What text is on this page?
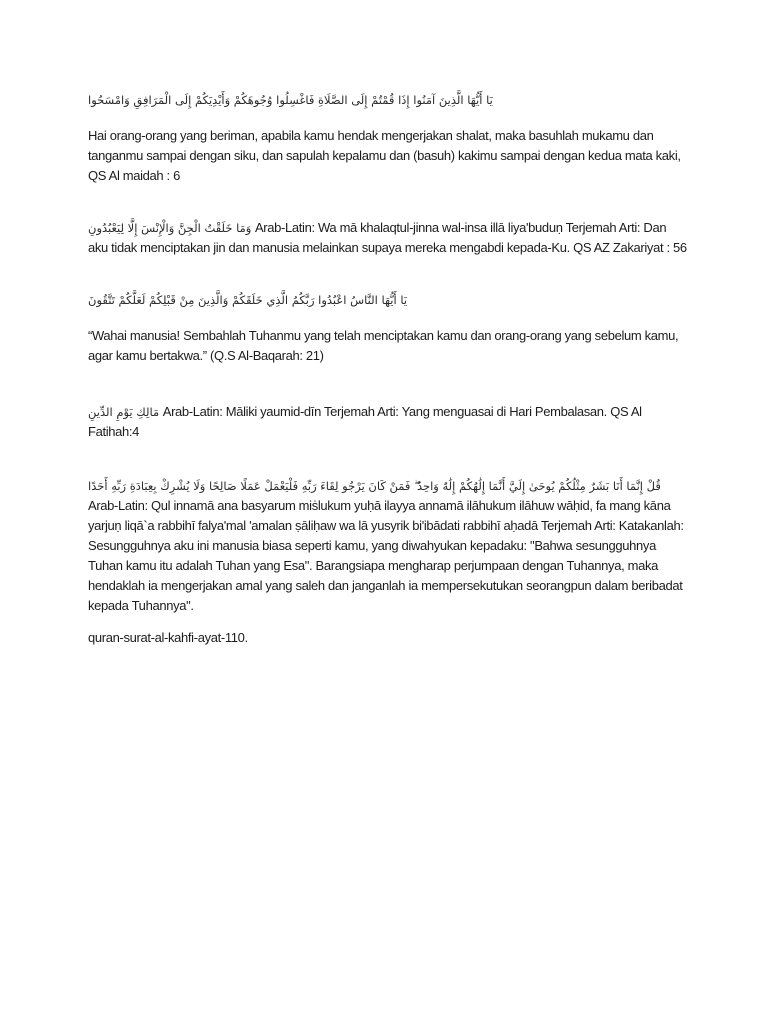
يَا أَيُّهَا الَّذِينَ آمَنُوا إِذَا قُمْتُمْ إِلَى الصَّلَاةِ فَاغْسِلُوا وُجُوهَكُمْ وَأَيْدِيَكُمْ إِلَى الْمَرَافِقِ وَامْسَحُوا

Hai orang-orang yang beriman, apabila kamu hendak mengerjakan shalat, maka basuhlah mukamu dan tanganmu sampai dengan siku, dan sapulah kepalamu dan (basuh) kakimu sampai dengan kedua mata kaki, QS Al maidah : 6

وَمَا خَلَقْتُ الْجِنَّ وَالْإِنْسَ إِلَّا لِيَعْبُدُونِ Arab-Latin: Wa mā khalaqtul-jinna wal-insa illā liya'buduṇ Terjemah Arti: Dan aku tidak menciptakan jin dan manusia melainkan supaya mereka mengabdi kepada-Ku. QS AZ Zakariyat : 56

يَا أَيُّهَا النَّاسُ اعْبُدُوا رَبَّكُمُ الَّذِي خَلَقَكُمْ وَالَّذِينَ مِنْ قَبْلِكُمْ لَعَلَّكُمْ تَتَّقُونَ

“Wahai manusia! Sembahlah Tuhanmu yang telah menciptakan kamu dan orang-orang yang sebelum kamu, agar kamu bertakwa.” (Q.S Al-Baqarah: 21)

مَالِكِ يَوْمِ الدِّينِ Arab-Latin: Māliki yaumid-dīn Terjemah Arti: Yang menguasai di Hari Pembalasan. QS Al Fatihah:4

قُلْ إِنَّمَا أَنَا بَشَرٌ مِثْلُكُمْ يُوحَىٰ إِلَيَّ أَنَّمَا إِلَٰهُكُمْ إِلَٰهٌ وَاحِدٌ ۖ فَمَنْ كَانَ يَرْجُو لِقَاءَ رَبِّهِ فَلْيَعْمَلْ عَمَلًا صَالِحًا وَلَا يُشْرِكْ بِعِبَادَةِ رَبِّهِ أَحَدًا Arab-Latin: Qul innamā ana basyarum miṡlukum yuḥā ilayya annamā ilāhukum ilāhuw wāḥid, fa mang kāna yarjuṇ liqā`a rabbihī falya'mal 'amalan ṣāliḥaw wa lā yusyrik bi'ibādati rabbihī aḥadā Terjemah Arti: Katakanlah: Sesungguhnya aku ini manusia biasa seperti kamu, yang diwahyukan kepadaku: "Bahwa sesungguhnya Tuhan kamu itu adalah Tuhan yang Esa". Barangsiapa mengharap perjumpaan dengan Tuhannya, maka hendaklah ia mengerjakan amal yang saleh dan janganlah ia mempersekutukan seorangpun dalam beribadat kepada Tuhannya".

quran-surat-al-kahfi-ayat-110.
